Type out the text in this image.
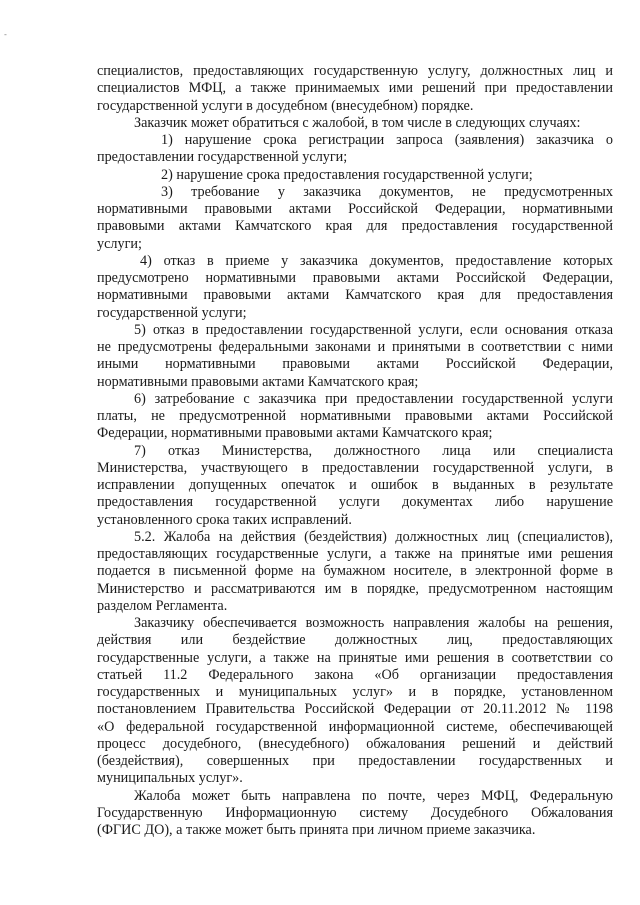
-
специалистов, предоставляющих государственную услугу, должностных лиц и
специалистов МФЦ, а также принимаемых ими решений при предоставлении
государственной услуги в досудебном (внесудебном) порядке.
Заказчик может обратиться с жалобой, в том числе в следующих случаях:
1) нарушение срока регистрации запроса (заявления) заказчика о
предоставлении государственной услуги;
2) нарушение срока предоставления государственной услуги;
3) требование у заказчика документов, не предусмотренных
нормативными правовыми актами Российской Федерации, нормативными
правовыми актами Камчатского края для предоставления государственной
услуги;
4) отказ в приеме у заказчика документов, предоставление которых
предусмотрено нормативными правовыми актами Российской Федерации,
нормативными правовыми актами Камчатского края для предоставления
государственной услуги;
5) отказ в предоставлении государственной услуги, если основания отказа
не предусмотрены федеральными законами и принятыми в соответствии с ними
иными нормативными правовыми актами Российской Федерации,
нормативными правовыми актами Камчатского края;
6) затребование с заказчика при предоставлении государственной услуги
платы, не предусмотренной нормативными правовыми актами Российской
Федерации, нормативными правовыми актами Камчатского края;
7) отказ Министерства, должностного лица или специалиста
Министерства, участвующего в предоставлении государственной услуги, в
исправлении допущенных опечаток и ошибок в выданных в результате
предоставления государственной услуги документах либо нарушение
установленного срока таких исправлений.
5.2. Жалоба на действия (бездействия) должностных лиц (специалистов),
предоставляющих государственные услуги, а также на принятые ими решения
подается в письменной форме на бумажном носителе, в электронной форме в
Министерство и рассматриваются им в порядке, предусмотренном настоящим
разделом Регламента.
Заказчику обеспечивается возможность направления жалобы на решения,
действия или бездействие должностных лиц, предоставляющих
государственные услуги, а также на принятые ими решения в соответствии со
статьей 11.2 Федерального закона «Об организации предоставления
государственных и муниципальных услуг» и в порядке, установленном
постановлением Правительства Российской Федерации от 20.11.2012 № 1198
«О федеральной государственной информационной системе, обеспечивающей
процесс досудебного, (внесудебного) обжалования решений и действий
(бездействия), совершенных при предоставлении государственных и
муниципальных услуг».
Жалоба может быть направлена по почте, через МФЦ, Федеральную
Государственную Информационную систему Досудебного Обжалования
(ФГИС ДО), а также может быть принята при личном приеме заказчика.
